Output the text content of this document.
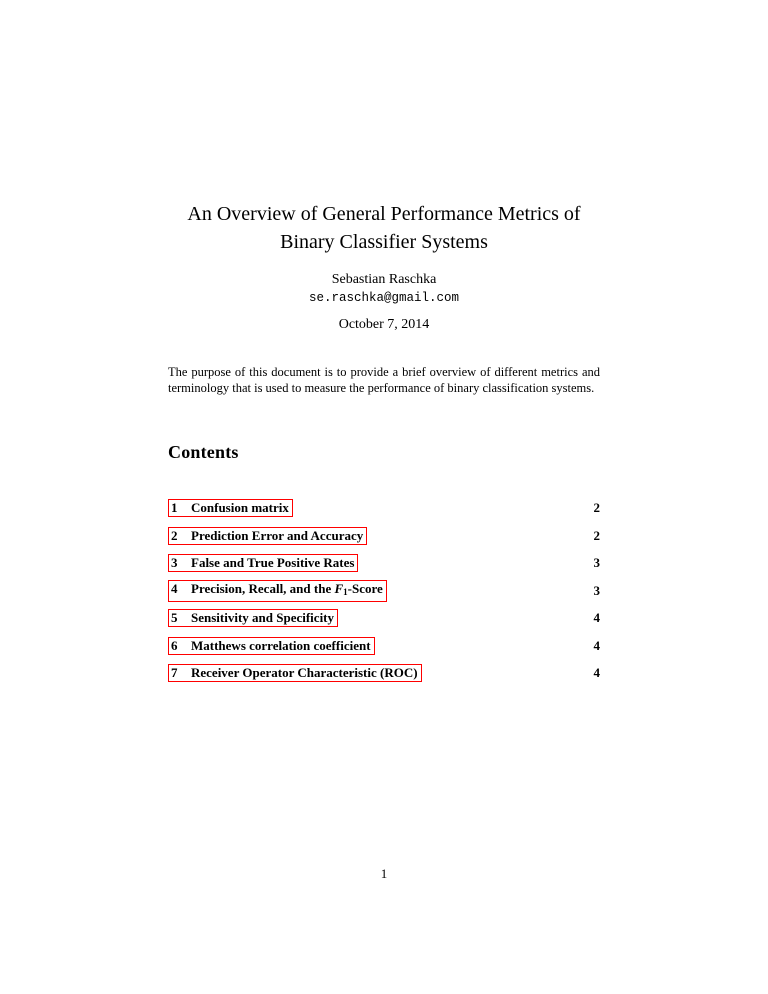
An Overview of General Performance Metrics of
Binary Classifier Systems
Sebastian Raschka
se.raschka@gmail.com
October 7, 2014
The purpose of this document is to provide a brief overview of different metrics and terminology that is used to measure the performance of binary classification systems.
Contents
1 Confusion matrix	2
2 Prediction Error and Accuracy	2
3 False and True Positive Rates	3
4 Precision, Recall, and the $F_1$-Score	3
5 Sensitivity and Specificity	4
6 Matthews correlation coefficient	4
7 Receiver Operator Characteristic (ROC)	4
1
